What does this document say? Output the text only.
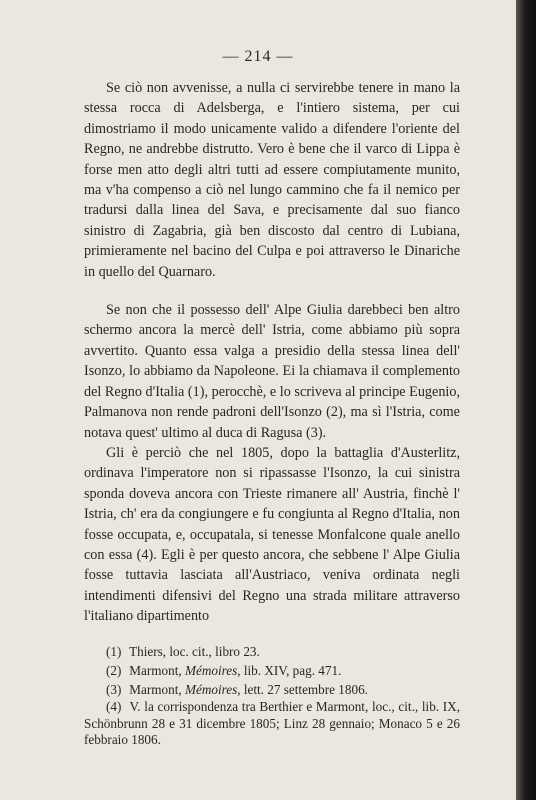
— 214 —

Se ciò non avvenisse, a nulla ci servirebbe tenere in mano la stessa rocca di Adelsberga, e l'intiero sistema, per cui dimostriamo il modo unicamente valido a difendere l'oriente del Regno, ne andrebbe distrutto. Vero è bene che il varco di Lippa è forse men atto degli altri tutti ad essere compiutamente munito, ma v'ha compenso a ciò nel lungo cammino che fa il nemico per tradursi dalla linea del Sava, e precisamente dal suo fianco sinistro di Zagabria, già ben discosto dal centro di Lubiana, primieramente nel bacino del Culpa e poi attraverso le Dinariche in quello del Quarnaro.

Se non che il possesso dell' Alpe Giulia darebbeci ben altro schermo ancora la mercè dell' Istria, come abbiamo più sopra avvertito. Quanto essa valga a presidio della stessa linea dell' Isonzo, lo abbiamo da Napoleone. Ei la chiamava il complemento del Regno d'Italia (1), perocchè, e lo scriveva al principe Eugenio, Palmanova non rende padroni dell'Isonzo (2), ma sì l'Istria, come notava quest' ultimo al duca di Ragusa (3).

Gli è perciò che nel 1805, dopo la battaglia d'Austerlitz, ordinava l'imperatore non si ripassasse l'Isonzo, la cui sinistra sponda doveva ancora con Trieste rimanere all' Austria, finchè l' Istria, ch' era da congiungere e fu congiunta al Regno d'Italia, non fosse occupata, e, occupatala, si tenesse Monfalcone quale anello con essa (4). Egli è per questo ancora, che sebbene l' Alpe Giulia fosse tuttavia lasciata all'Austriaco, veniva ordinata negli intendimenti difensivi del Regno una strada militare attraverso l'italiano dipartimento

(1) Thiers, loc. cit., libro 23.

(2) Marmont, Mémoires, lib. XIV, pag. 471.

(3) Marmont, Mémoires, lett. 27 settembre 1806.

(4) V. la corrispondenza tra Berthier e Marmont, loc., cit., lib. IX, Schönbrunn 28 e 31 dicembre 1805; Linz 28 gennaio; Monaco 5 e 26 febbraio 1806.
